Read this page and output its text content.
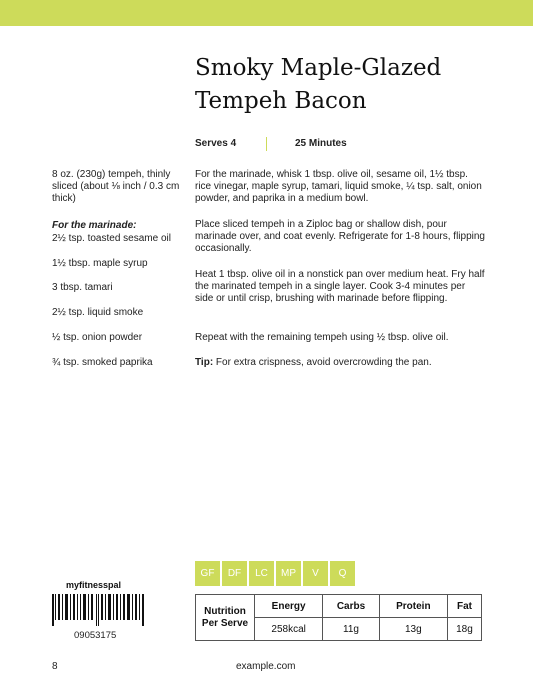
Smoky Maple-Glazed Tempeh Bacon
Serves 4	25 Minutes
8 oz. (230g) tempeh, thinly sliced (about ⅛ inch / 0.3 cm thick)
For the marinade:
2½ tsp. toasted sesame oil
1½ tbsp. maple syrup
3 tbsp. tamari
2½ tsp. liquid smoke
½ tsp. onion powder
¾ tsp. smoked paprika
For the marinade, whisk 1 tbsp. olive oil, sesame oil, 1½ tbsp. rice vinegar, maple syrup, tamari, liquid smoke, ¼ tsp. salt, onion powder, and paprika in a medium bowl.
Place sliced tempeh in a Ziploc bag or shallow dish, pour marinade over, and coat evenly. Refrigerate for 1-8 hours, flipping occasionally.
Heat 1 tbsp. olive oil in a nonstick pan over medium heat. Fry half the marinated tempeh in a single layer. Cook 3-4 minutes per side or until crisp, brushing with marinade before flipping.
Repeat with the remaining tempeh using ½ tbsp. olive oil.
Tip: For extra crispness, avoid overcrowding the pan.
GF	DF	LC	MP	V	Q
myfitnesspal
09053175
Nutrition Per Serve	Energy	Carbs	Protein	Fat
	258kcal	11g	13g	18g
8	example.com
